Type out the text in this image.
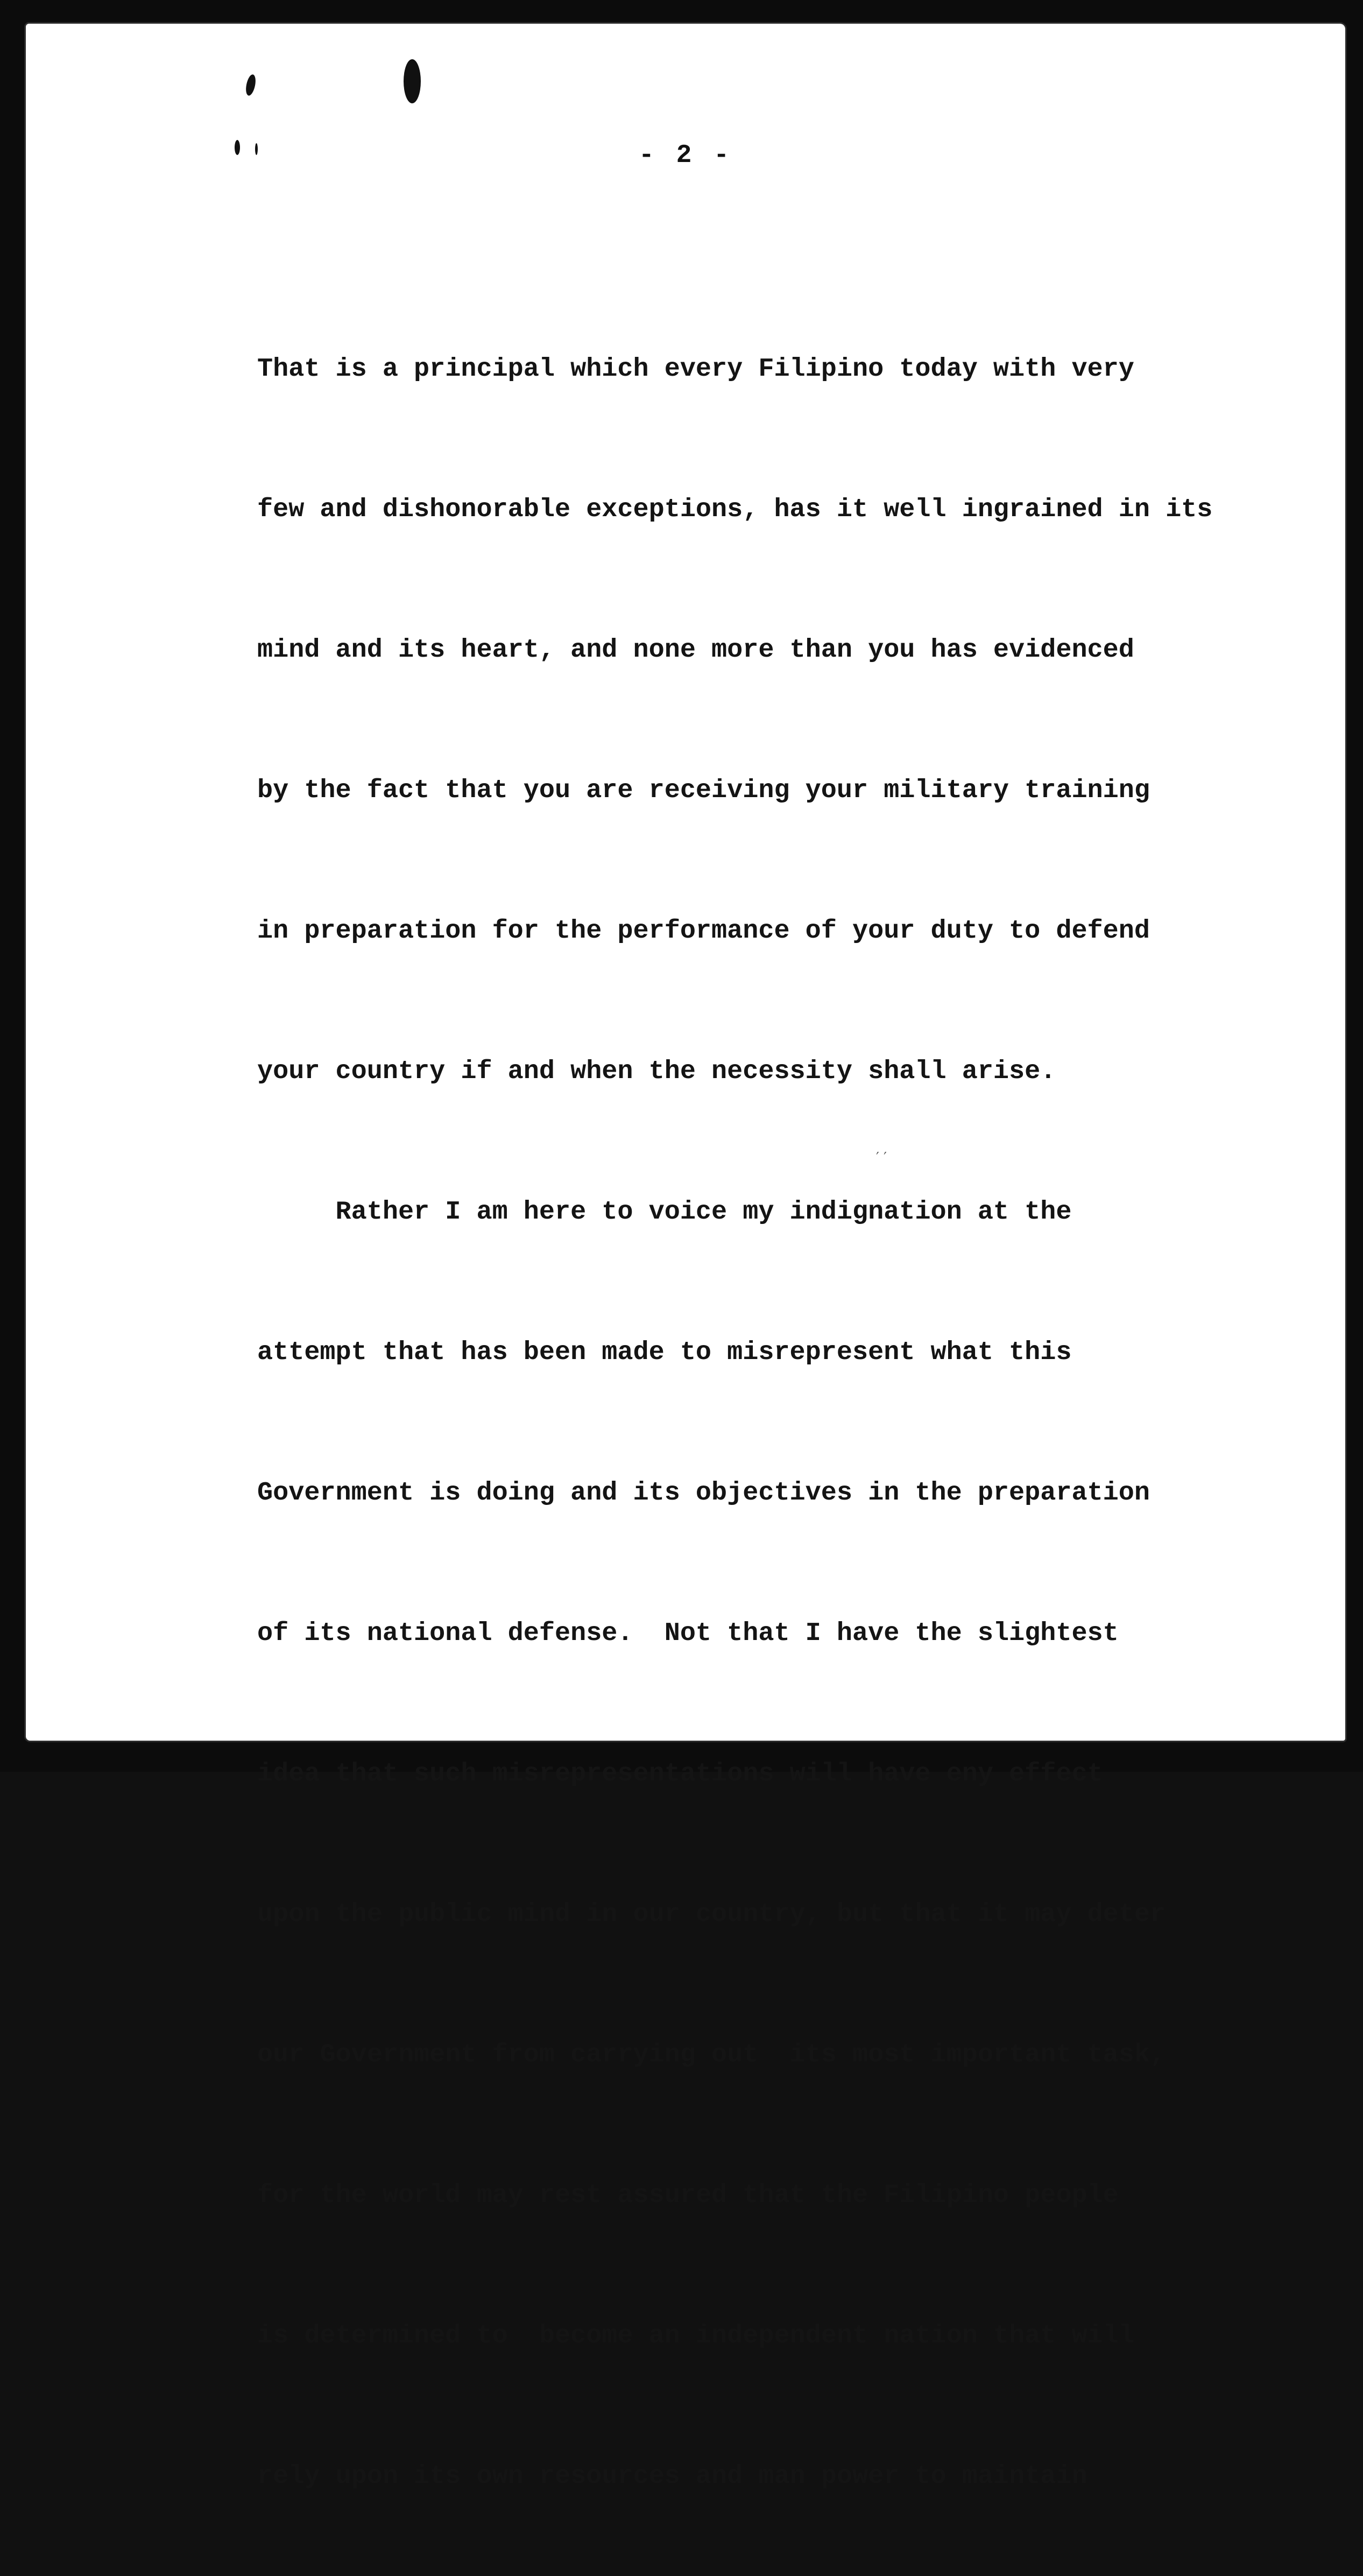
′ ′
- 2 -

That is a principal which every Filipino today with very

few and dishonorable exceptions, has it well ingrained in its

mind and its heart, and none more than you has evidenced

by the fact that you are receiving your military training

in preparation for the performance of your duty to defend

your country if and when the necessity shall arise.

Rather I am here to voice my indignation at the

attempt that has been made to misrepresent what this

Government is doing and its objectives in the preparation

of its national defense.  Not that I have the slightest

idea that such misrepresentations will have eny effect

upon the public mind in our country, but that it may deter

our Government from carrying out  its most important task,

for the world may rest assured that the Filipino people

is determined to  become an independent nation that will

rely upon its own resources and man power to maintain
